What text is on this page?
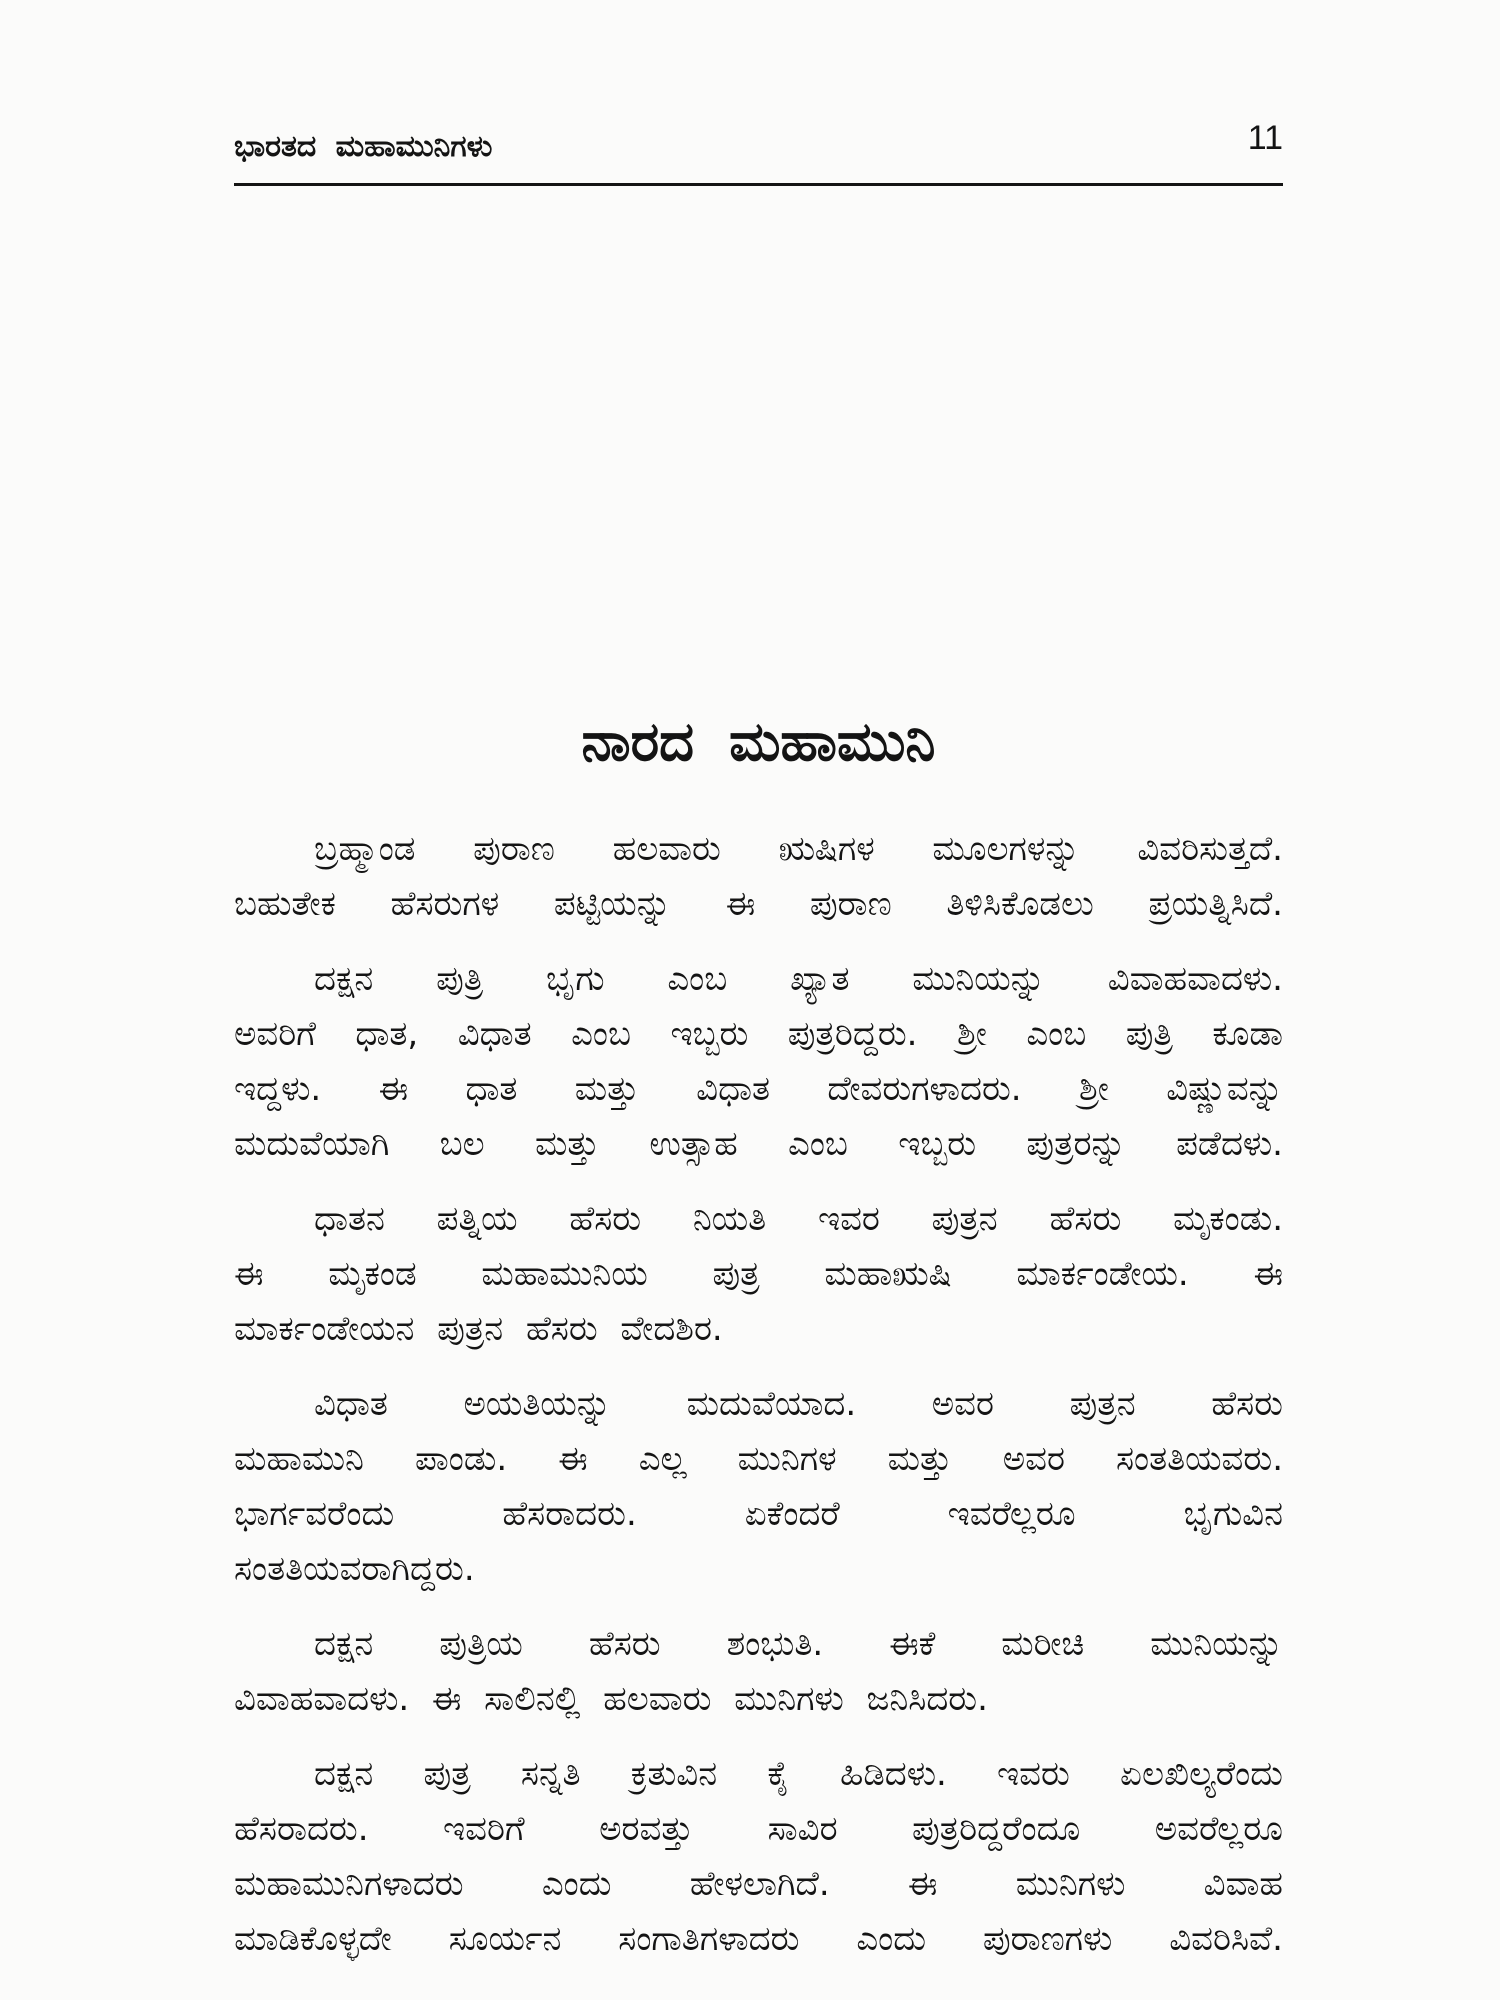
ಭಾರತದ ಮಹಾಮುನಿಗಳು	11
ನಾರದ ಮಹಾಮುನಿ
ಬ್ರಹ್ಮಾಂಡ ಪುರಾಣ ಹಲವಾರು ಋಷಿಗಳ ಮೂಲಗಳನ್ನು ವಿವರಿಸುತ್ತದೆ.
ಬಹುತೇಕ ಹೆಸರುಗಳ ಪಟ್ಟಿಯನ್ನು ಈ ಪುರಾಣ ತಿಳಿಸಿಕೊಡಲು ಪ್ರಯತ್ನಿಸಿದೆ.
ದಕ್ಷನ ಪುತ್ರಿ ಭೃಗು ಎಂಬ ಖ್ಯಾತ ಮುನಿಯನ್ನು ವಿವಾಹವಾದಳು.
ಅವರಿಗೆ ಧಾತ, ವಿಧಾತ ಎಂಬ ಇಬ್ಬರು ಪುತ್ರರಿದ್ದರು. ಶ್ರೀ ಎಂಬ ಪುತ್ರಿ ಕೂಡಾ
ಇದ್ದಳು. ಈ ಧಾತ ಮತ್ತು ವಿಧಾತ ದೇವರುಗಳಾದರು. ಶ್ರೀ ವಿಷ್ಣುವನ್ನು
ಮದುವೆಯಾಗಿ ಬಲ ಮತ್ತು ಉತ್ಸಾಹ ಎಂಬ ಇಬ್ಬರು ಪುತ್ರರನ್ನು ಪಡೆದಳು.
ಧಾತನ ಪತ್ನಿಯ ಹೆಸರು ನಿಯತಿ ಇವರ ಪುತ್ರನ ಹೆಸರು ಮೃಕಂಡು.
ಈ ಮೃಕಂಡ ಮಹಾಮುನಿಯ ಪುತ್ರ ಮಹಾಋಷಿ ಮಾರ್ಕಂಡೇಯ. ಈ
ಮಾರ್ಕಂಡೇಯನ ಪುತ್ರನ ಹೆಸರು ವೇದಶಿರ.
ವಿಧಾತ ಅಯತಿಯನ್ನು ಮದುವೆಯಾದ. ಅವರ ಪುತ್ರನ ಹೆಸರು
ಮಹಾಮುನಿ ಪಾಂಡು. ಈ ಎಲ್ಲ ಮುನಿಗಳ ಮತ್ತು ಅವರ ಸಂತತಿಯವರು.
ಭಾರ್ಗವರೆಂದು ಹೆಸರಾದರು. ಏಕೆಂದರೆ ಇವರೆಲ್ಲರೂ ಭೃಗುವಿನ
ಸಂತತಿಯವರಾಗಿದ್ದರು.
ದಕ್ಷನ ಪುತ್ರಿಯ ಹೆಸರು ಶಂಭುತಿ. ಈಕೆ ಮರೀಚಿ ಮುನಿಯನ್ನು
ವಿವಾಹವಾದಳು. ಈ ಸಾಲಿನಲ್ಲಿ ಹಲವಾರು ಮುನಿಗಳು ಜನಿಸಿದರು.
ದಕ್ಷನ ಪುತ್ರ ಸನ್ನತಿ ಕ್ರತುವಿನ ಕೈ ಹಿಡಿದಳು. ಇವರು ಏಲಖಿಲ್ಯರೆಂದು
ಹೆಸರಾದರು. ಇವರಿಗೆ ಅರವತ್ತು ಸಾವಿರ ಪುತ್ರರಿದ್ದರೆಂದೂ ಅವರೆಲ್ಲರೂ
ಮಹಾಮುನಿಗಳಾದರು ಎಂದು ಹೇಳಲಾಗಿದೆ. ಈ ಮುನಿಗಳು ವಿವಾಹ
ಮಾಡಿಕೊಳ್ಳದೇ ಸೂರ್ಯನ ಸಂಗಾತಿಗಳಾದರು ಎಂದು ಪುರಾಣಗಳು ವಿವರಿಸಿವೆ.
